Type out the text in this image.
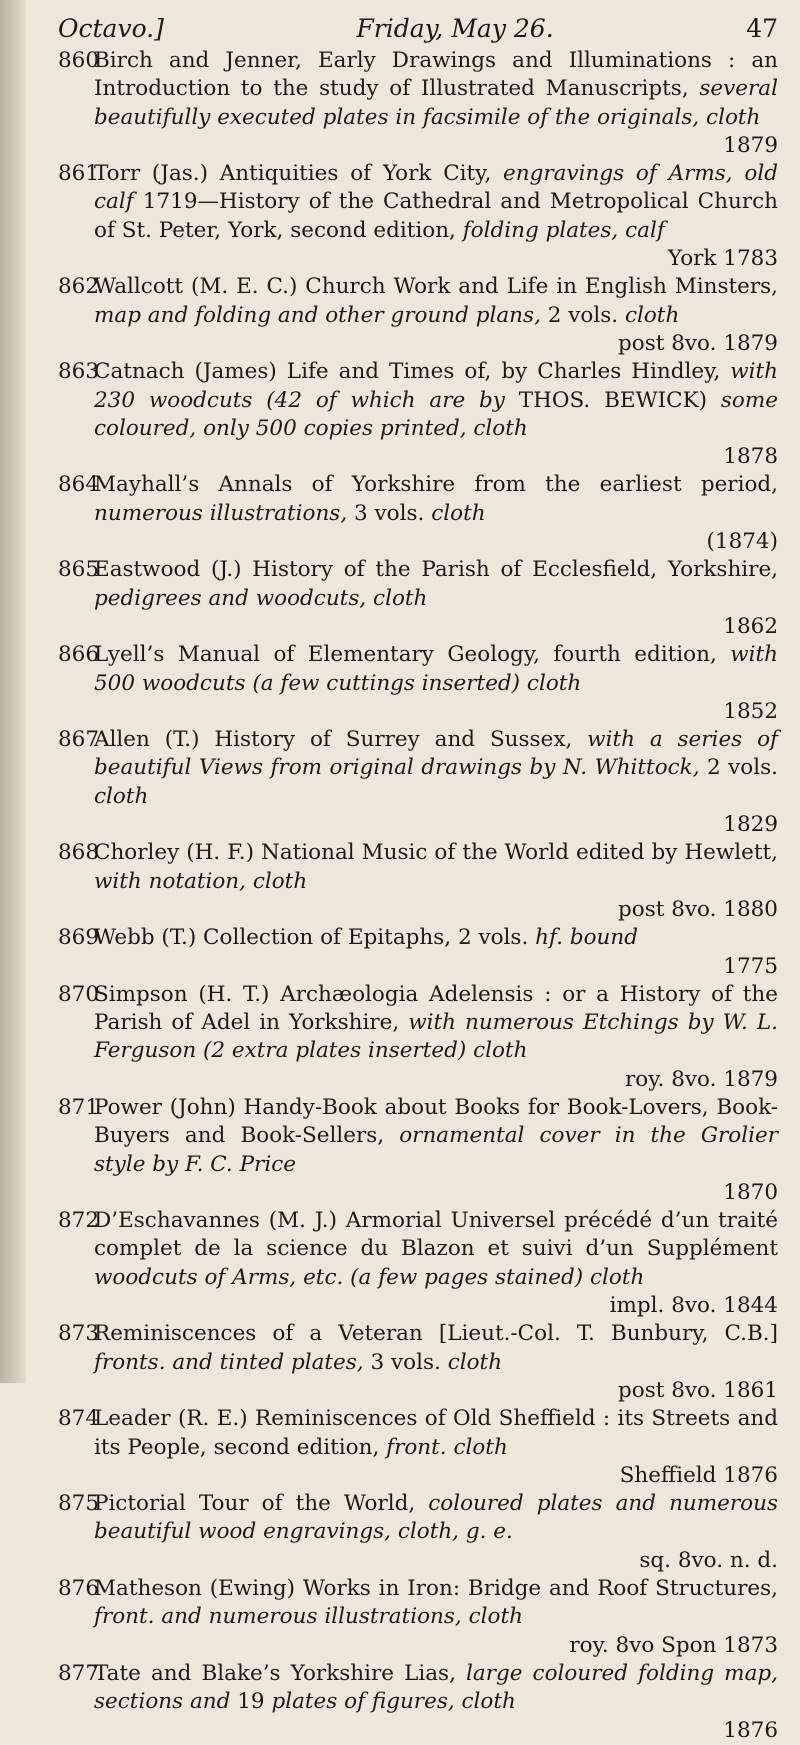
Octavo.]	Friday, May 26.	47
860Birch and Jenner, Early Drawings and Illuminations : an Introduction to the study of Illustrated Manuscripts, several beautifully executed plates in facsimile of the originals, cloth
1879
861Torr (Jas.) Antiquities of York City, engravings of Arms, old calf 1719—History of the Cathedral and Metropolical Church of St. Peter, York, second edition, folding plates, calf
York 1783
862Wallcott (M. E. C.) Church Work and Life in English Minsters, map and folding and other ground plans, 2 vols. cloth
post 8vo. 1879
863Catnach (James) Life and Times of, by Charles Hindley, with 230 woodcuts (42 of which are by THOS. BEWICK) some coloured, only 500 copies printed, cloth
1878
864Mayhall’s Annals of Yorkshire from the earliest period, numerous illustrations, 3 vols. cloth
(1874)
865Eastwood (J.) History of the Parish of Ecclesfield, Yorkshire, pedigrees and woodcuts, cloth
1862
866Lyell’s Manual of Elementary Geology, fourth edition, with 500 woodcuts (a few cuttings inserted) cloth
1852
867Allen (T.) History of Surrey and Sussex, with a series of beautiful Views from original drawings by N. Whittock, 2 vols. cloth
1829
868Chorley (H. F.) National Music of the World edited by Hewlett, with notation, cloth
post 8vo. 1880
869Webb (T.) Collection of Epitaphs, 2 vols. hf. bound
1775
870Simpson (H. T.) Archæologia Adelensis : or a History of the Parish of Adel in Yorkshire, with numerous Etchings by W. L. Ferguson (2 extra plates inserted) cloth
roy. 8vo. 1879
871Power (John) Handy-Book about Books for Book-Lovers, Book-Buyers and Book-Sellers, ornamental cover in the Grolier style by F. C. Price
1870
872D’Eschavannes (M. J.) Armorial Universel précédé d’un traité complet de la science du Blazon et suivi d’un Supplément woodcuts of Arms, etc. (a few pages stained) cloth
impl. 8vo. 1844
873Reminiscences of a Veteran [Lieut.-Col. T. Bunbury, C.B.] fronts. and tinted plates, 3 vols. cloth
post 8vo. 1861
874Leader (R. E.) Reminiscences of Old Sheffield : its Streets and its People, second edition, front. cloth
Sheffield 1876
875Pictorial Tour of the World, coloured plates and numerous beautiful wood engravings, cloth, g. e.
sq. 8vo. n. d.
876Matheson (Ewing) Works in Iron: Bridge and Roof Structures, front. and numerous illustrations, cloth
roy. 8vo Spon 1873
877Tate and Blake’s Yorkshire Lias, large coloured folding map, sections and 19 plates of figures, cloth
1876
